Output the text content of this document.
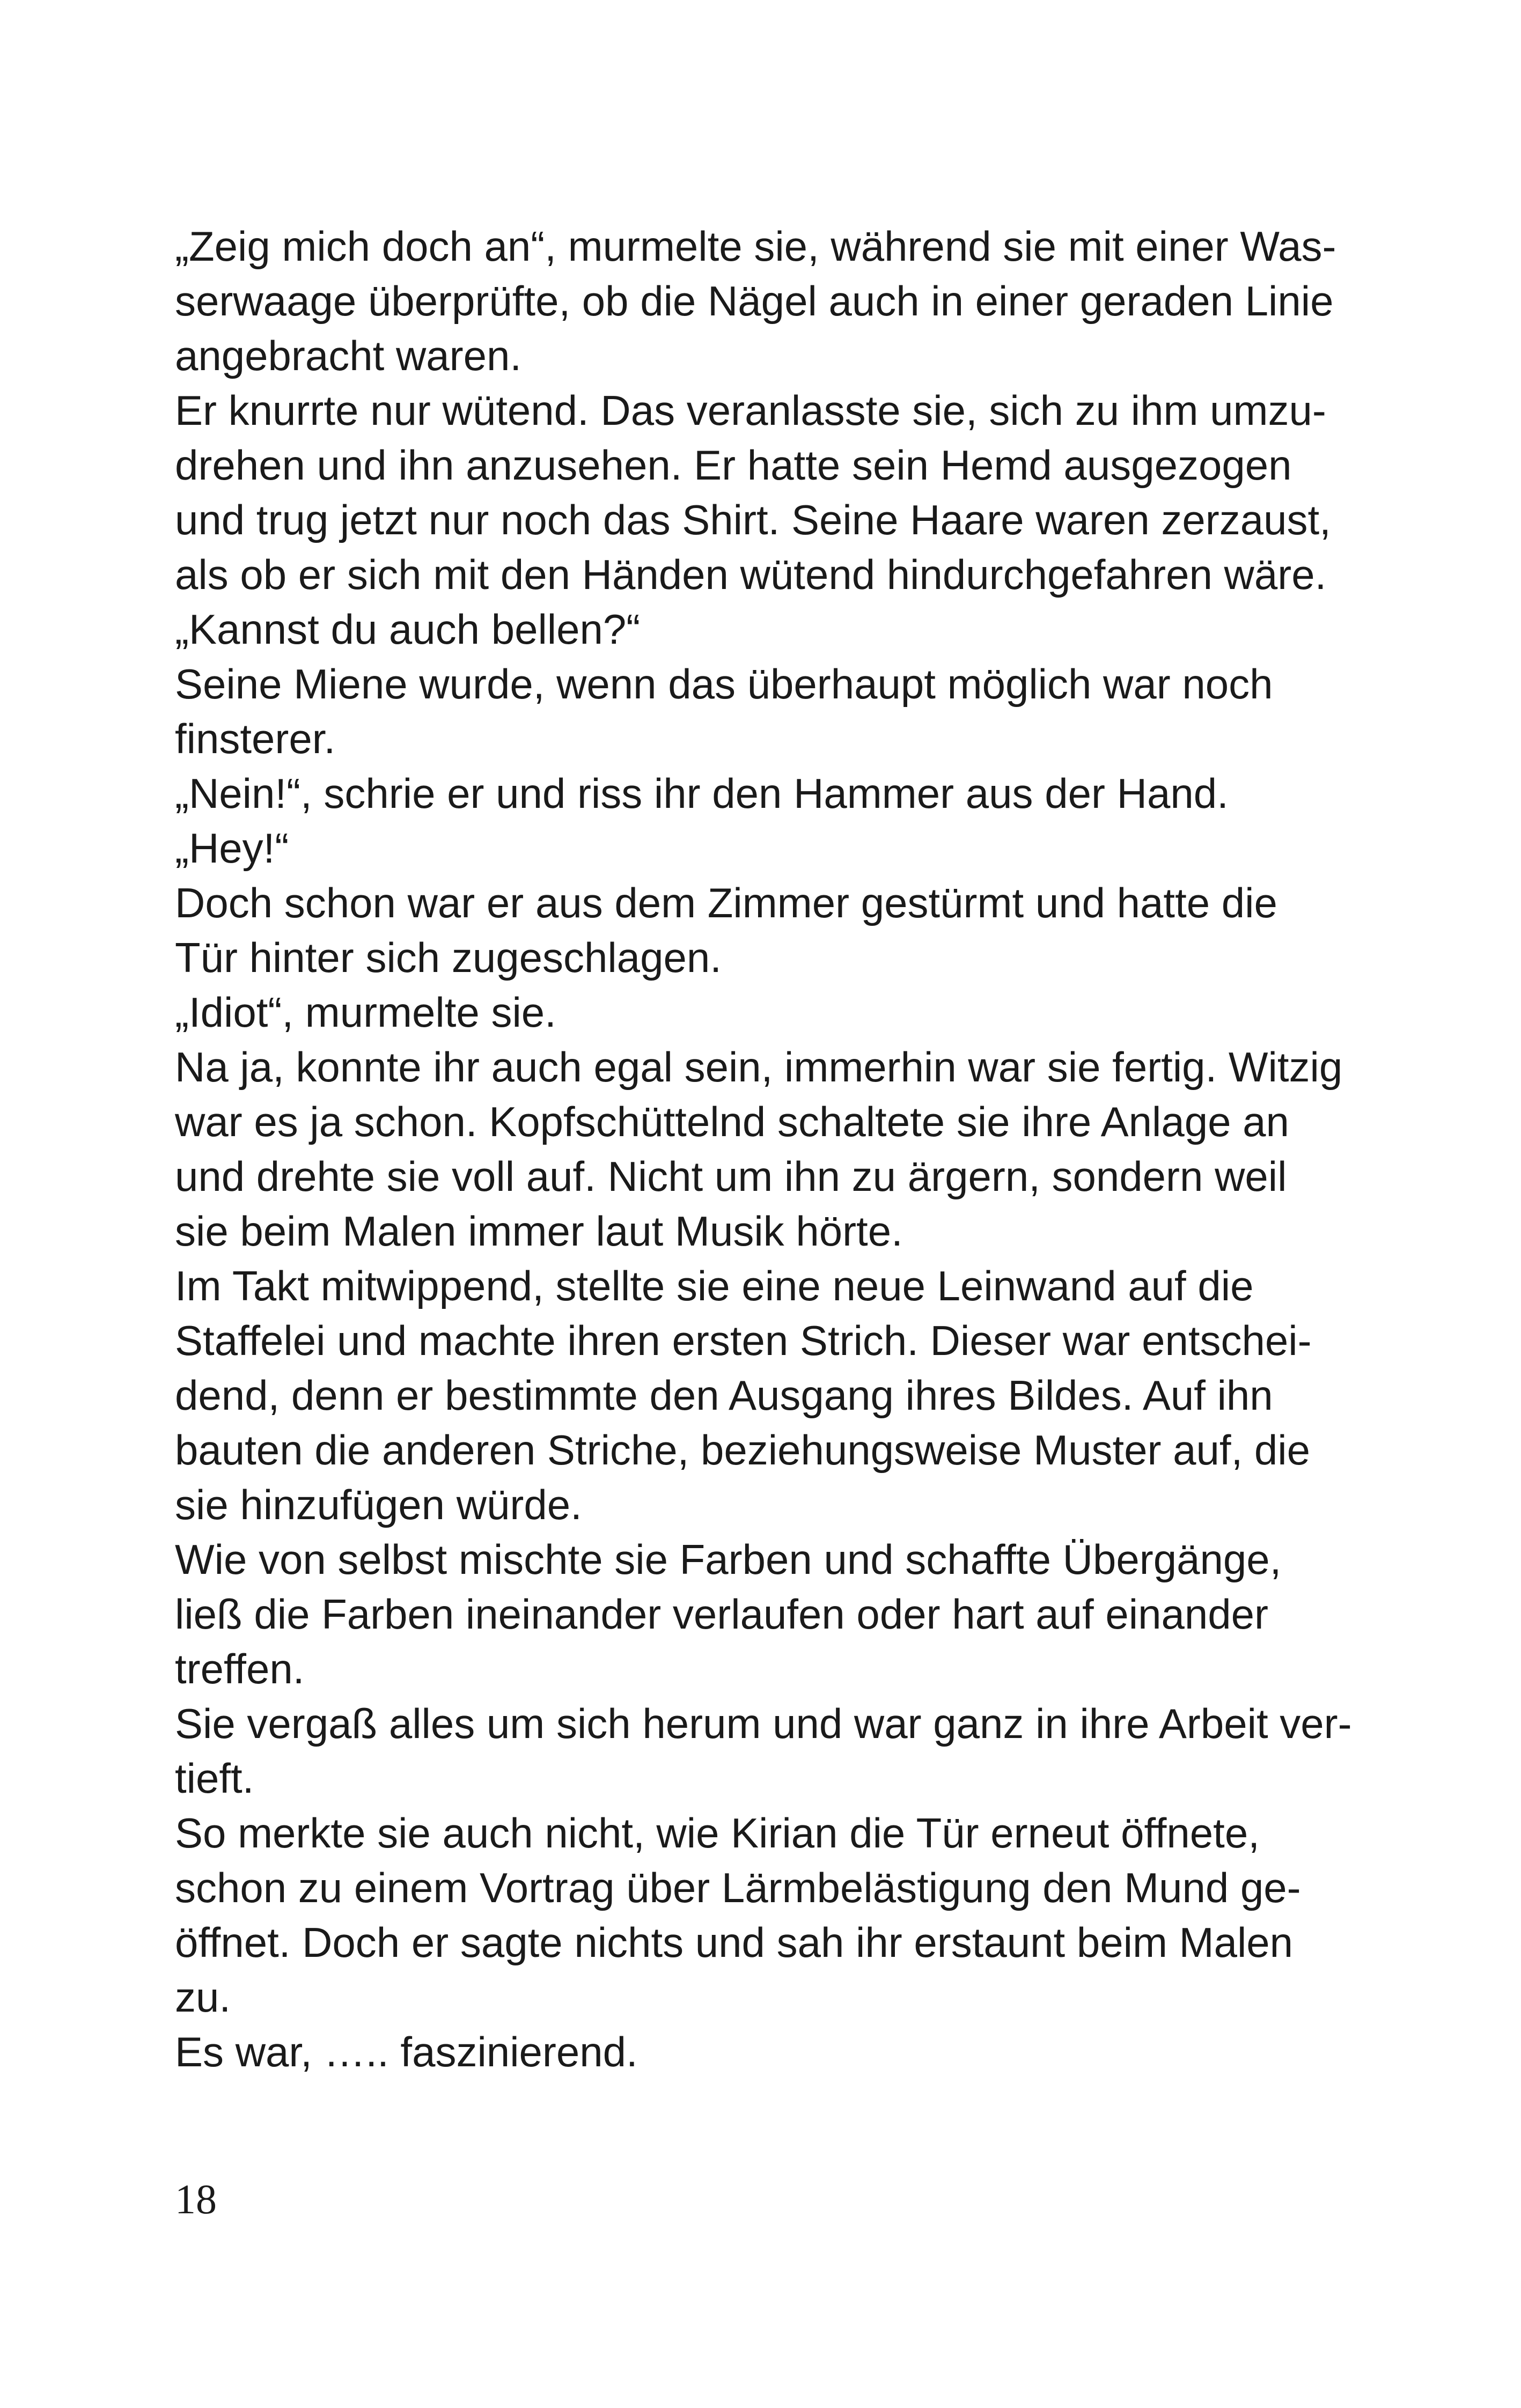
„Zeig mich doch an“, murmelte sie, während sie mit einer Was-
serwaage überprüfte, ob die Nägel auch in einer geraden Linie
angebracht waren.
Er knurrte nur wütend. Das veranlasste sie, sich zu ihm umzu-
drehen und ihn anzusehen. Er hatte sein Hemd ausgezogen
und trug jetzt nur noch das Shirt. Seine Haare waren zerzaust,
als ob er sich mit den Händen wütend hindurchgefahren wäre.
„Kannst du auch bellen?“
Seine Miene wurde, wenn das überhaupt möglich war noch
finsterer.
„Nein!“, schrie er und riss ihr den Hammer aus der Hand.
„Hey!“
Doch schon war er aus dem Zimmer gestürmt und hatte die
Tür hinter sich zugeschlagen.
„Idiot“, murmelte sie.
Na ja, konnte ihr auch egal sein, immerhin war sie fertig. Witzig
war es ja schon. Kopfschüttelnd schaltete sie ihre Anlage an
und drehte sie voll auf. Nicht um ihn zu ärgern, sondern weil
sie beim Malen immer laut Musik hörte.
Im Takt mitwippend, stellte sie eine neue Leinwand auf die
Staffelei und machte ihren ersten Strich. Dieser war entschei-
dend, denn er bestimmte den Ausgang ihres Bildes. Auf ihn
bauten die anderen Striche, beziehungsweise Muster auf, die
sie hinzufügen würde.
Wie von selbst mischte sie Farben und schaffte Übergänge,
ließ die Farben ineinander verlaufen oder hart auf einander
treffen.
Sie vergaß alles um sich herum und war ganz in ihre Arbeit ver-
tieft.
So merkte sie auch nicht, wie Kirian die Tür erneut öffnete,
schon zu einem Vortrag über Lärmbelästigung den Mund ge-
öffnet. Doch er sagte nichts und sah ihr erstaunt beim Malen
zu.
Es war, ….. faszinierend.
18
